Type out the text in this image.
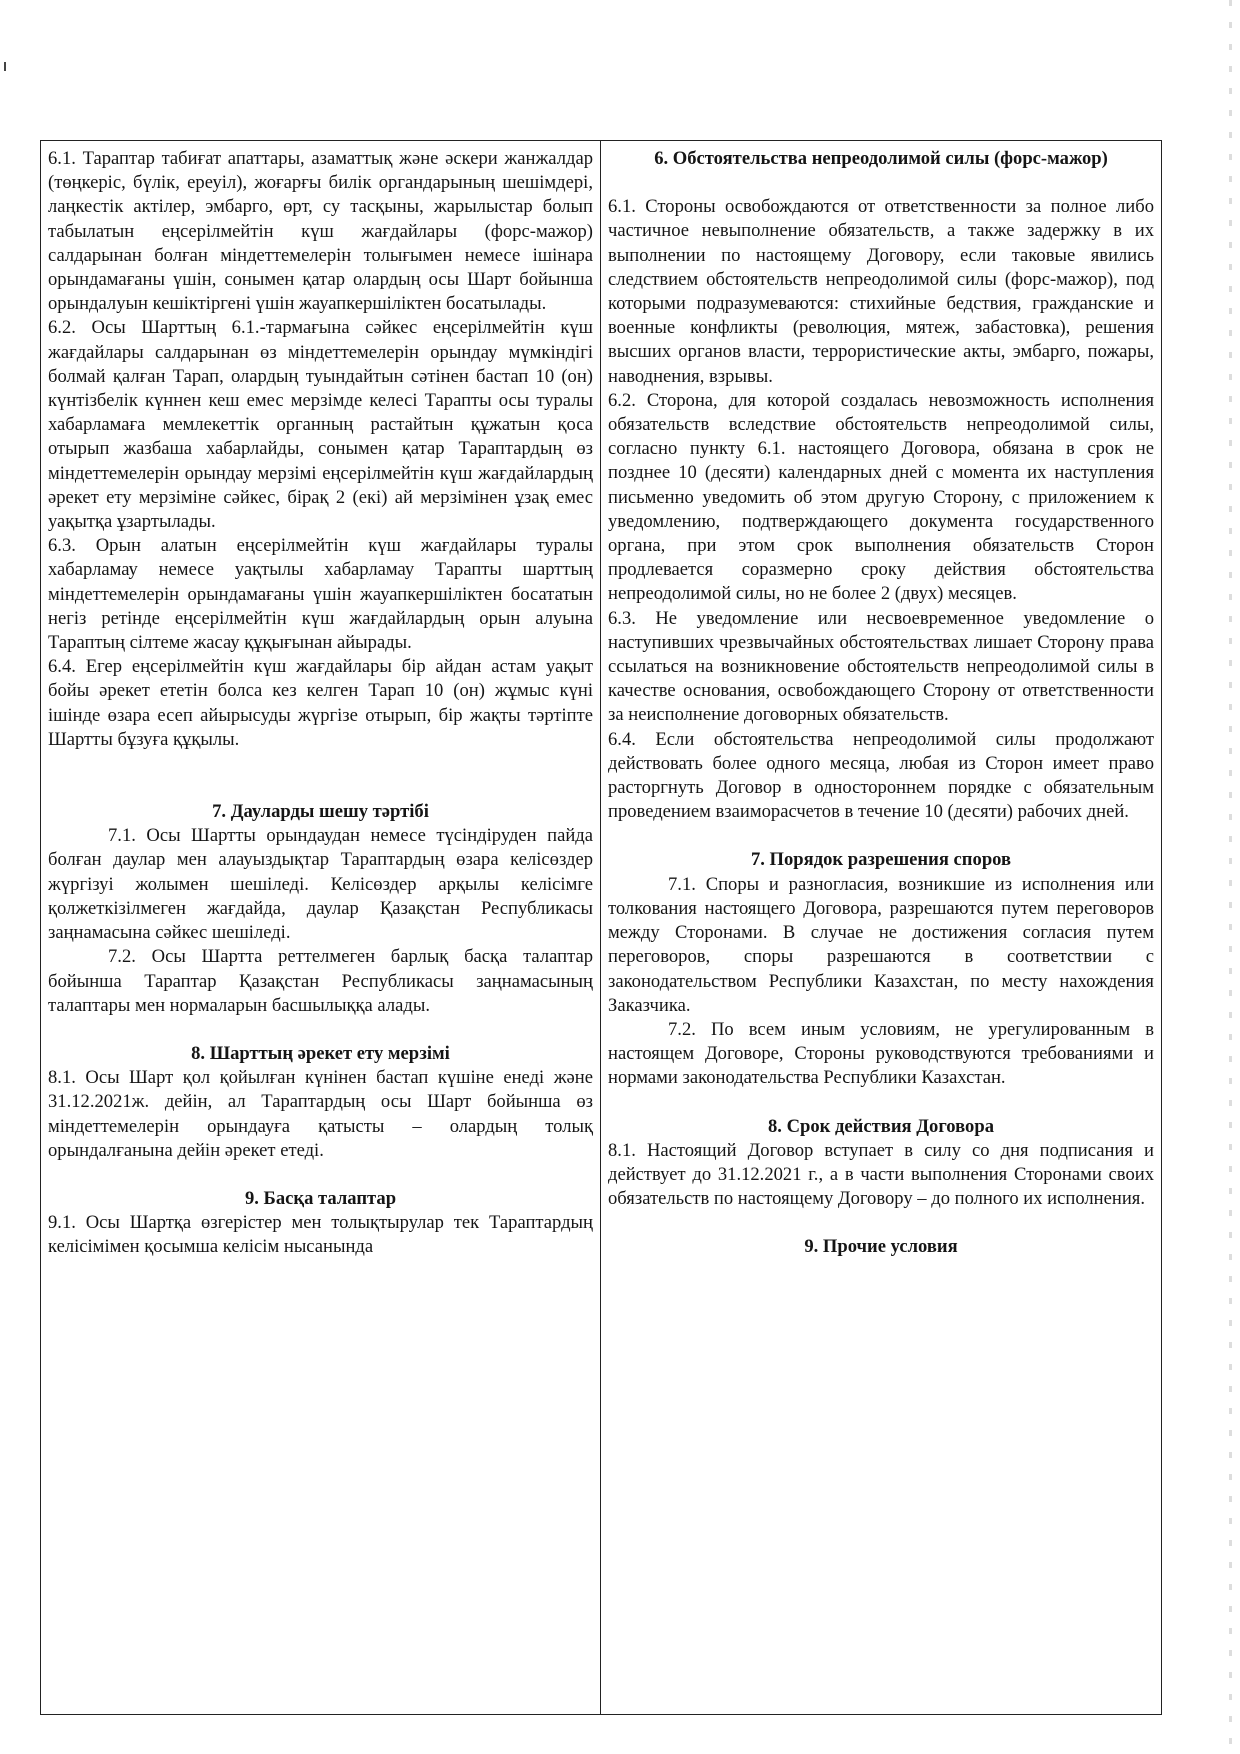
6.1. Тараптар табиғат апаттары, азаматтық және әскери жанжалдар (төңкеріс, бүлік, ереуіл), жоғарғы билік органдарының шешімдері, лаңкестік актілер, эмбарго, өрт, су тасқыны, жарылыстар болып табылатын еңсерілмейтін күш жағдайлары (форс-мажор) салдарынан болған міндеттемелерін толығымен немесе ішінара орындамағаны үшін, сонымен қатар олардың осы Шарт бойынша орындалуын кешіктіргені үшін жауапкершіліктен босатылады.

6.2. Осы Шарттың 6.1.-тармағына сәйкес еңсерілмейтін күш жағдайлары салдарынан өз міндеттемелерін орындау мүмкіндігі болмай қалған Тарап, олардың туындайтын сәтінен бастап 10 (он) күнтізбелік күннен кеш емес мерзімде келесі Тарапты осы туралы хабарламаға мемлекеттік органның растайтын құжатын қоса отырып жазбаша хабарлайды, сонымен қатар Тараптардың өз міндеттемелерін орындау мерзімі еңсерілмейтін күш жағдайлардың әрекет ету мерзіміне сәйкес, бірақ 2 (екі) ай мерзімінен ұзақ емес уақытқа ұзартылады.

6.3. Орын алатын еңсерілмейтін күш жағдайлары туралы хабарламау немесе уақтылы хабарламау Тарапты шарттың міндеттемелерін орындамағаны үшін жауапкершіліктен босататын негіз ретінде еңсерілмейтін күш жағдайлардың орын алуына Тараптың сілтеме жасау құқығынан айырады.

6.4. Егер еңсерілмейтін күш жағдайлары бір айдан астам уақыт бойы әрекет ететін болса кез келген Тарап 10 (он) жұмыс күні ішінде өзара есеп айырысуды жүргізе отырып, бір жақты тәртіпте Шартты бұзуға құқылы.

7. Дауларды шешу тәртібі

7.1. Осы Шартты орындаудан немесе түсіндіруден пайда болған даулар мен алауыздықтар Тараптардың өзара келісөздер жүргізуі жолымен шешіледі. Келісөздер арқылы келісімге қолжеткізілмеген жағдайда, даулар Қазақстан Республикасы заңнамасына сәйкес шешіледі.

7.2. Осы Шартта реттелмеген барлық басқа талаптар бойынша Тараптар Қазақстан Республикасы заңнамасының талаптары мен нормаларын басшылыққа алады.

8. Шарттың әрекет ету мерзімі

8.1. Осы Шарт қол қойылған күнінен бастап күшіне енеді және 31.12.2021ж. дейін, ал Тараптардың осы Шарт бойынша өз міндеттемелерін орындауға қатысты – олардың толық орындалғанына дейін әрекет етеді.

9. Басқа талаптар

9.1. Осы Шартқа өзгерістер мен толықтырулар тек Тараптардың келісімімен қосымша келісім нысанында

6. Обстоятельства непреодолимой силы (форс-мажор)

6.1. Стороны освобождаются от ответственности за полное либо частичное невыполнение обязательств, а также задержку в их выполнении по настоящему Договору, если таковые явились следствием обстоятельств непреодолимой силы (форс-мажор), под которыми подразумеваются: стихийные бедствия, гражданские и военные конфликты (революция, мятеж, забастовка), решения высших органов власти, террористические акты, эмбарго, пожары, наводнения, взрывы.

6.2. Сторона, для которой создалась невозможность исполнения обязательств вследствие обстоятельств непреодолимой силы, согласно пункту 6.1. настоящего Договора, обязана в срок не позднее 10 (десяти) календарных дней с момента их наступления письменно уведомить об этом другую Сторону, с приложением к уведомлению, подтверждающего документа государственного органа, при этом срок выполнения обязательств Сторон продлевается соразмерно сроку действия обстоятельства непреодолимой силы, но не более 2 (двух) месяцев.

6.3. Не уведомление или несвоевременное уведомление о наступивших чрезвычайных обстоятельствах лишает Сторону права ссылаться на возникновение обстоятельств непреодолимой силы в качестве основания, освобождающего Сторону от ответственности за неисполнение договорных обязательств.

6.4. Если обстоятельства непреодолимой силы продолжают действовать более одного месяца, любая из Сторон имеет право расторгнуть Договор в одностороннем порядке с обязательным проведением взаиморасчетов в течение 10 (десяти) рабочих дней.

7. Порядок разрешения споров

7.1. Споры и разногласия, возникшие из исполнения или толкования настоящего Договора, разрешаются путем переговоров между Сторонами. В случае не достижения согласия путем переговоров, споры разрешаются в соответствии с законодательством Республики Казахстан, по месту нахождения Заказчика.

7.2. По всем иным условиям, не урегулированным в настоящем Договоре, Стороны руководствуются требованиями и нормами законодательства Республики Казахстан.

8. Срок действия Договора

8.1. Настоящий Договор вступает в силу со дня подписания и действует до 31.12.2021 г., а в части выполнения Сторонами своих обязательств по настоящему Договору – до полного их исполнения.

9. Прочие условия
